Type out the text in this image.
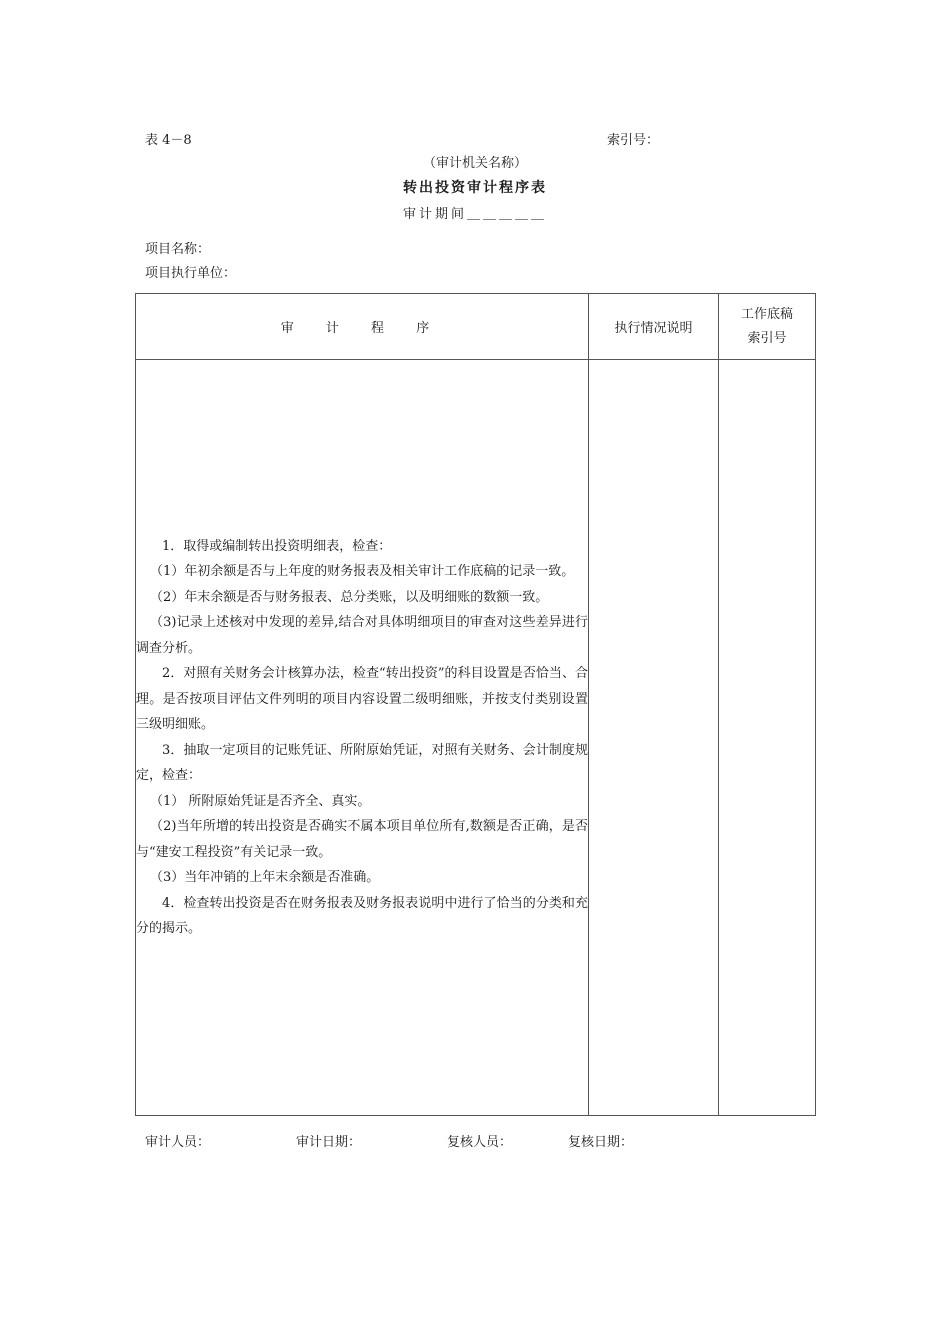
表 4－8	索引号：
（审计机关名称）
转出投资审计程序表
审计期间＿＿＿＿＿
项目名称：
项目执行单位：
审 计 程 序	执行情况说明	工作底稿
索引号

1．取得或编制转出投资明细表，检查：

（1）年初余额是否与上年度的财务报表及相关审计工作底稿的记录一致。

（2）年末余额是否与财务报表、总分类账，以及明细账的数额一致。

（3)记录上述核对中发现的差异,结合对具体明细项目的审查对这些差异进行调查分析。

2．对照有关财务会计核算办法，检查“转出投资”的科目设置是否恰当、合理。是否按项目评估文件列明的项目内容设置二级明细账，并按支付类别设置三级明细账。

3．抽取一定项目的记账凭证、所附原始凭证，对照有关财务、会计制度规定，检查：

（1） 所附原始凭证是否齐全、真实。

（2)当年所增的转出投资是否确实不属本项目单位所有,数额是否正确，是否与“建安工程投资”有关记录一致。

（3）当年冲销的上年末余额是否准确。

4．检查转出投资是否在财务报表及财务报表说明中进行了恰当的分类和充分的揭示。

审计人员：	审计日期：	复核人员：	复核日期：
